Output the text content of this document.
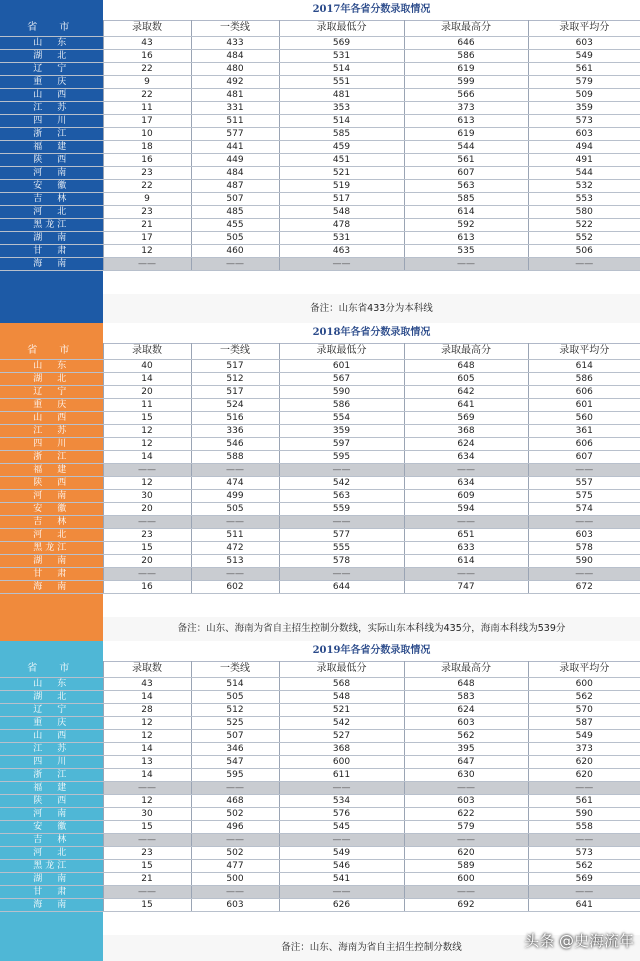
2017年各省分数录取情况
省　市	录取数	一类线	录取最低分	录取最高分	录取平均分
山　东	43	433	569	646	603
湖　北	16	484	531	586	549
辽　宁	22	480	514	619	561
重　庆	9	492	551	599	579
山　西	22	481	481	566	509
江　苏	11	331	353	373	359
四　川	17	511	514	613	573
浙　江	10	577	585	619	603
福　建	18	441	459	544	494
陕　西	16	449	451	561	491
河　南	23	484	521	607	544
安　徽	22	487	519	563	532
吉　林	9	507	517	585	553
河　北	23	485	548	614	580
黑龙江	21	455	478	592	522
湖　南	17	505	531	613	552
甘　肃	12	460	463	535	506
海　南	——	——	——	——	——
备注：山东省433分为本科线
2018年各省分数录取情况
省　市	录取数	一类线	录取最低分	录取最高分	录取平均分
山　东	40	517	601	648	614
湖　北	14	512	567	605	586
辽　宁	20	517	590	642	606
重　庆	11	524	586	641	601
山　西	15	516	554	569	560
江　苏	12	336	359	368	361
四　川	12	546	597	624	606
浙　江	14	588	595	634	607
福　建	——	——	——	——	——
陕　西	12	474	542	634	557
河　南	30	499	563	609	575
安　徽	20	505	559	594	574
吉　林	——	——	——	——	——
河　北	23	511	577	651	603
黑龙江	15	472	555	633	578
湖　南	20	513	578	614	590
甘　肃	——	——	——	——	——
海　南	16	602	644	747	672
备注：山东、海南为省自主招生控制分数线，实际山东本科线为435分，海南本科线为539分
2019年各省分数录取情况
省　市	录取数	一类线	录取最低分	录取最高分	录取平均分
山　东	43	514	568	648	600
湖　北	14	505	548	583	562
辽　宁	28	512	521	624	570
重　庆	12	525	542	603	587
山　西	12	507	527	562	549
江　苏	14	346	368	395	373
四　川	13	547	600	647	620
浙　江	14	595	611	630	620
福　建	——	——	——	——	——
陕　西	12	468	534	603	561
河　南	30	502	576	622	590
安　徽	15	496	545	579	558
吉　林	——	——	——	——	——
河　北	23	502	549	620	573
黑龙江	15	477	546	589	562
湖　南	21	500	541	600	569
甘　肃	——	——	——	——	——
海　南	15	603	626	692	641
备注：山东、海南为省自主招生控制分数线	头条 @史海流年
